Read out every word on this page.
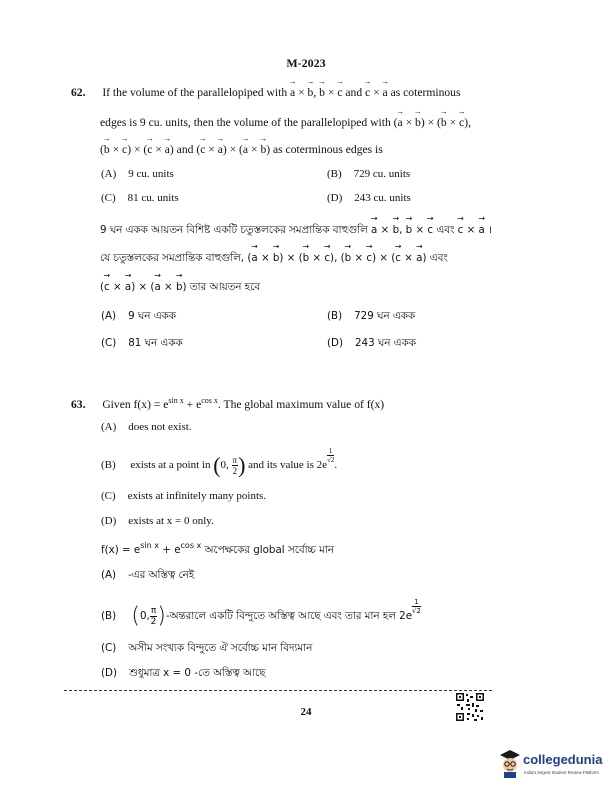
M-2023
62. If the volume of the parallelopiped with → a × → b, → b × → c and → c × → a as coterminous
edges is 9 cu. units, then the volume of the parallelopiped with (→ a × → b) × (→ b × → c),
(→ b × → c) × (→ c × → a) and (→ c × → a) × (→ a × → b) as coterminous edges is
(A) 9 cu. units	(B) 729 cu. units
(C) 81 cu. units	(D) 243 cu. units
9 ঘন একক আয়তন বিশিষ্ট একটি চতুস্তলকের সমপ্রান্তিক বাহুগুলি → a × → b, → b × → c এবং → c × → a ।
যে চতুস্তলকের সমপ্রান্তিক বাহুগুলি, (→ a × → b) × (→ b × → c), (→ b × → c) × (→ c × → a) এবং
(→ c × → a) × (→ a × → b) তার আয়তন হবে
(A) 9 ঘন একক	(B) 729 ঘন একক
(C) 81 ঘন একক	(D) 243 ঘন একক
63. Given $f(x) = e^{sin x} + e^{cos x}$. The global maximum value of f(x)
(A) does not exist.
(B) exists at a point in (0, $\frac{\pi}{2}$ ) and its value is 2e
$\frac{1}{√2}$
.
(C) exists at infinitely many points.
(D) exists at x = 0 only.
$f(x) = e^{sin x} + e^{cos x}$ অপেক্ষকের global সর্বোচ্চ মান
(A) -এর অস্তিত্ব নেই
(B) (0, $\frac{\pi}{2}$ )-অন্তরালে একটি বিন্দুতে অস্তিত্ব আছে এবং তার মান হল 2e
$\frac{1}{√2}$
(C) অসীম সংখ্যক বিন্দুতে ঐ সর্বোচ্চ মান বিদ্যমান
(D) শুধুমাত্র x = 0 -তে অস্তিত্ব আছে
24
collegedunia
India's largest Student Review Platform
